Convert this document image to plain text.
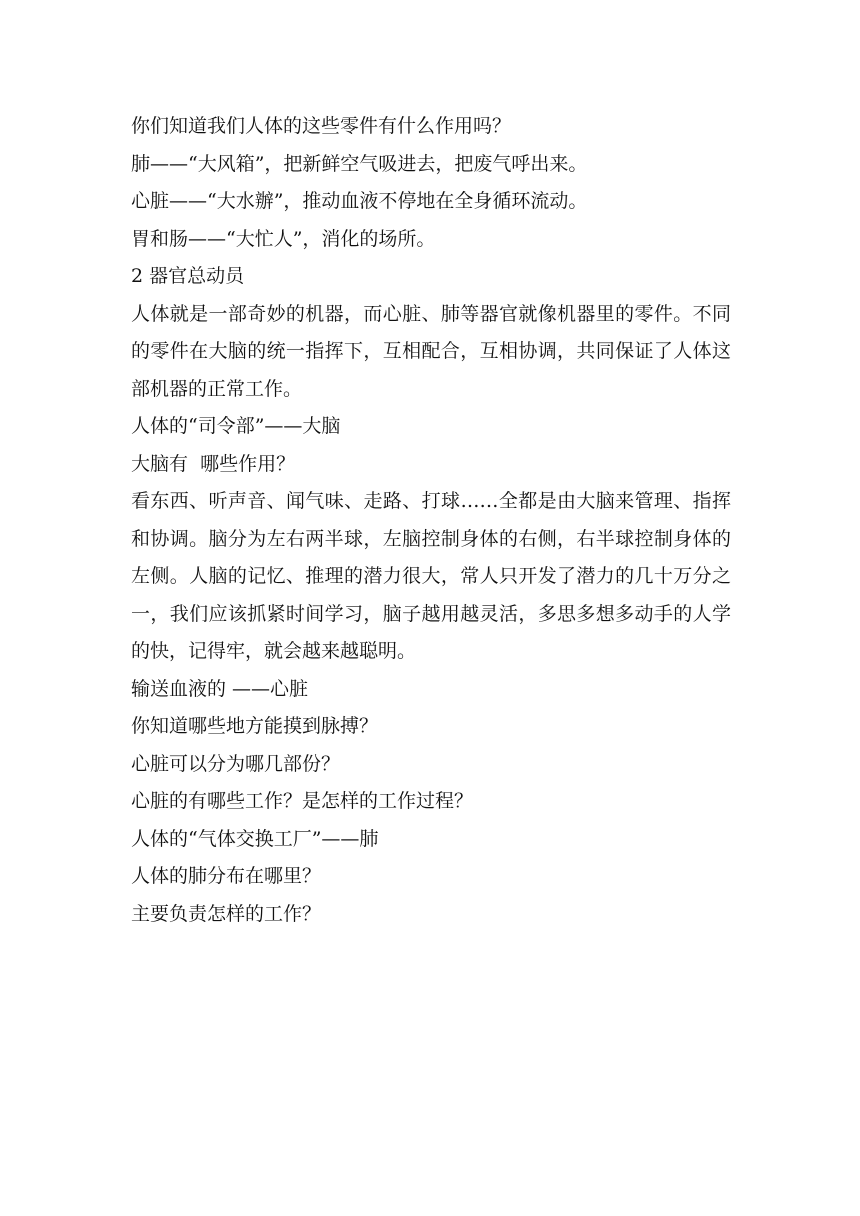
你们知道我们人体的这些零件有什么作用吗？
肺——“大风箱”，把新鲜空气吸进去，把废气呼出来。
心脏——“大水辦”，推动血液不停地在全身循环流动。
胃和肠——“大忙人”，消化的场所。
2 器官总动员
人体就是一部奇妙的机器，而心脏、肺等器官就像机器里的零件。不同的零件在大脑的统一指挥下，互相配合，互相协调，共同保证了人体这部机器的正常工作。
人体的“司令部”——大脑
大脑有  哪些作用？
看东西、听声音、闻气味、走路、打球……全都是由大脑来管理、指挥和协调。脑分为左右两半球，左脑控制身体的右侧，右半球控制身体的左侧。人脑的记忆、推理的潜力很大，常人只开发了潜力的几十万分之一，我们应该抓紧时间学习，脑子越用越灵活，多思多想多动手的人学的快，记得牢，就会越来越聪明。
输送血液的 ——心脏
你知道哪些地方能摸到脉搏？
心脏可以分为哪几部份？
心脏的有哪些工作？是怎样的工作过程？
人体的“气体交换工厂”——肺
人体的肺分布在哪里？
主要负责怎样的工作？
